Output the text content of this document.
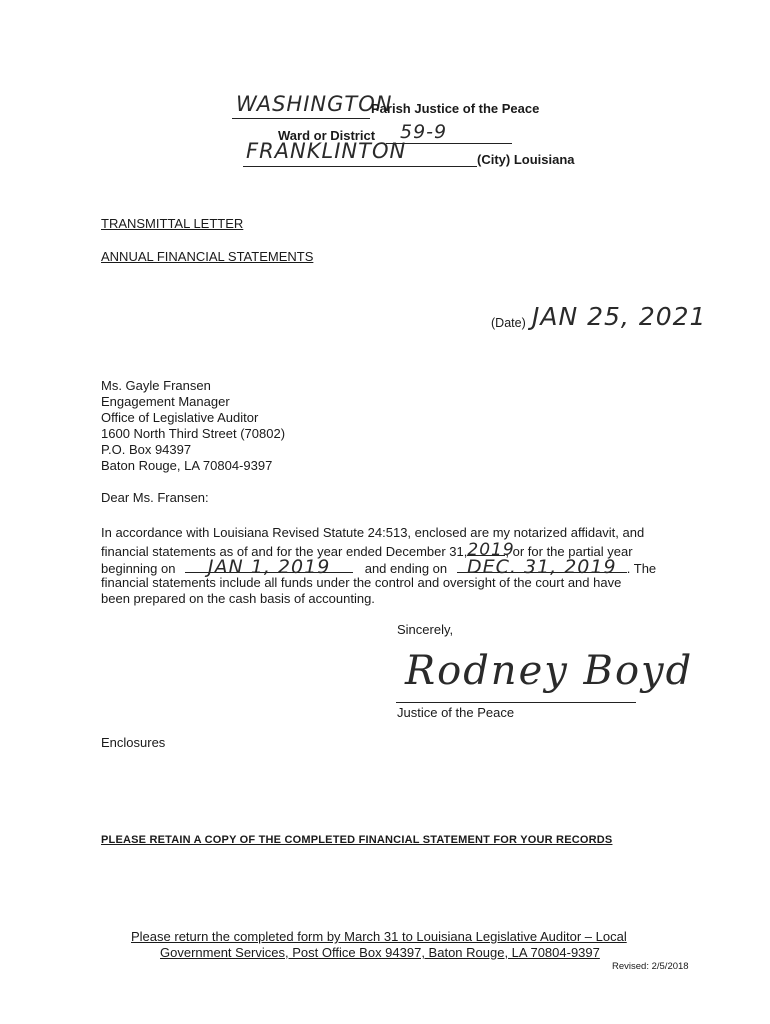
WASHINGTON
Parish Justice of the Peace
Ward or District 59-9
FRANKLINTON	(City) Louisiana
TRANSMITTAL LETTER
ANNUAL FINANCIAL STATEMENTS
(Date) JAN 25, 2021
Ms. Gayle Fransen
Engagement Manager
Office of Legislative Auditor
1600 North Third Street (70802)
P.O. Box 94397
Baton Rouge, LA 70804-9397
Dear Ms. Fransen:
In accordance with Louisiana Revised Statute 24:513, enclosed are my notarized affidavit, and
financial statements as of and for the year ended December 31, 2019
, or for the partial year
beginning on	JAN 1, 2019	and ending on	DEC. 31, 2019 . The
financial statements include all funds under the control and oversight of the court and have
been prepared on the cash basis of accounting.
Sincerely,
Rodney Boyd
Justice of the Peace
Enclosures
PLEASE RETAIN A COPY OF THE COMPLETED FINANCIAL STATEMENT FOR YOUR RECORDS
Please return the completed form by March 31 to Louisiana Legislative Auditor – Local
Government Services, Post Office Box 94397, Baton Rouge, LA 70804-9397
Revised: 2/5/2018
